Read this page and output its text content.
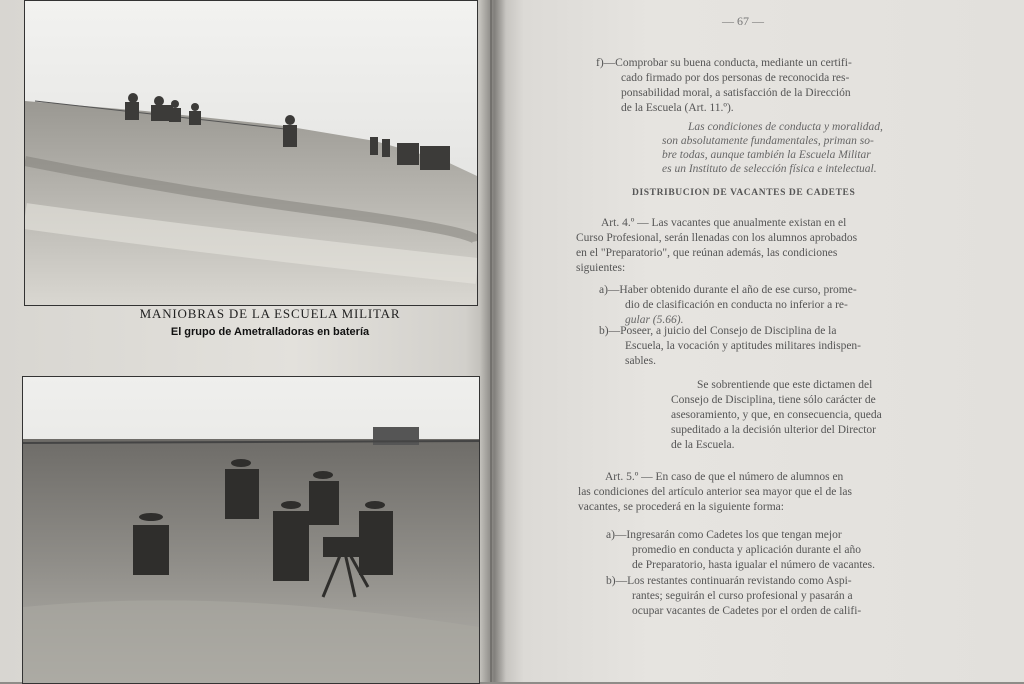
MANIOBRAS DE LA ESCUELA MILITAR
El grupo de Ametralladoras en batería
— 67 —
f)—Comprobar su buena conducta, mediante un certifi-
cado firmado por dos personas de reconocida res-
ponsabilidad moral, a satisfacción de la Dirección
de la Escuela (Art. 11.º).
Las condiciones de conducta y moralidad,
son absolutamente fundamentales, priman so-
bre todas, aunque también la Escuela Militar
es un Instituto de selección física e intelectual.
DISTRIBUCION DE VACANTES DE CADETES
Art. 4.º — Las vacantes que anualmente existan en el
Curso Profesional, serán llenadas con los alumnos aprobados
en el "Preparatorio", que reúnan además, las condiciones
siguientes:
a)—Haber obtenido durante el año de ese curso, prome-
dio de clasificación en conducta no inferior a re-
gular (5.66).
b)—Poseer, a juicio del Consejo de Disciplina de la
Escuela, la vocación y aptitudes militares indispen-
sables.
Se sobrentiende que este dictamen del
Consejo de Disciplina, tiene sólo carácter de
asesoramiento, y que, en consecuencia, queda
supeditado a la decisión ulterior del Director
de la Escuela.
Art. 5.º — En caso de que el número de alumnos en
las condiciones del artículo anterior sea mayor que el de las
vacantes, se procederá en la siguiente forma:
a)—Ingresarán como Cadetes los que tengan mejor
promedio en conducta y aplicación durante el año
de Preparatorio, hasta igualar el número de vacantes.
b)—Los restantes continuarán revistando como Aspi-
rantes; seguirán el curso profesional y pasarán a
ocupar vacantes de Cadetes por el orden de califi-
